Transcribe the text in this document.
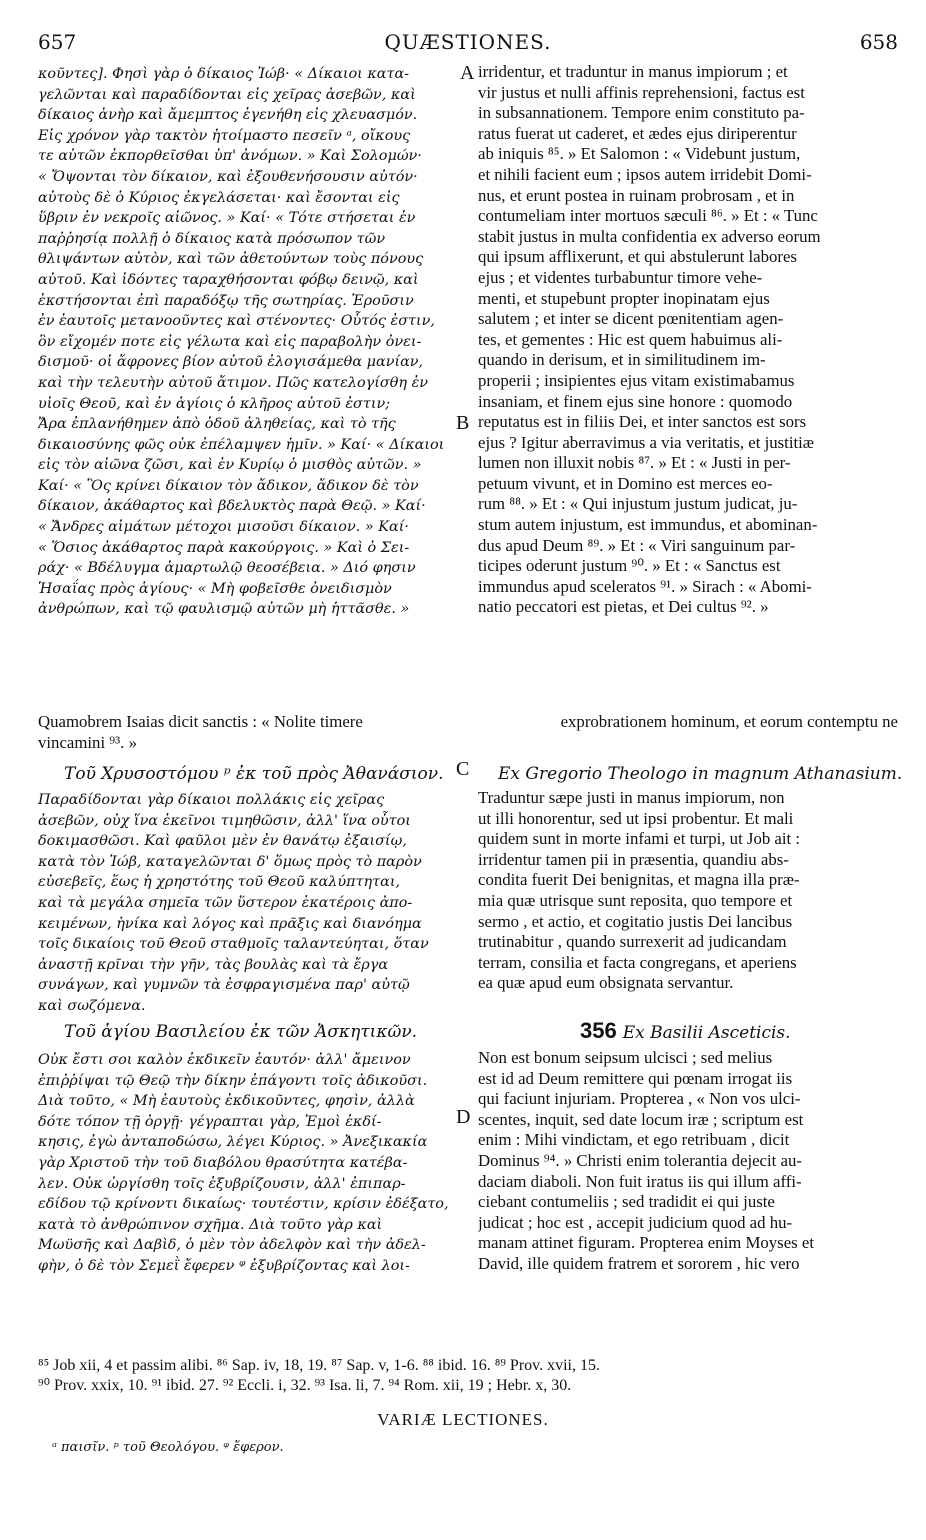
657	QUÆSTIONES.	658
κοῦντες]. Φησὶ γὰρ ὁ δίκαιος Ἰώβ· « Δίκαιοι κατα-
γελῶνται καὶ παραδίδονται εἰς χεῖρας ἀσεβῶν, καὶ
δίκαιος ἀνὴρ καὶ ἄμεμπτος ἐγενήθη εἰς χλευασμόν.
Εἰς χρόνον γὰρ τακτὸν ἡτοίμαστο πεσεῖν ᵃ, οἴκους
τε αὐτῶν ἐκπορθεῖσθαι ὑπ' ἀνόμων. » Καὶ Σολομών·
« Ὄψονται τὸν δίκαιον, καὶ ἐξουθενήσουσιν αὐτόν·
αὐτοὺς δὲ ὁ Κύριος ἐκγελάσεται· καὶ ἔσονται εἰς
ὕβριν ἐν νεκροῖς αἰῶνος. » Καί· « Τότε στήσεται ἐν
παῤῥησίᾳ πολλῇ ὁ δίκαιος κατὰ πρόσωπον τῶν
θλιψάντων αὐτὸν, καὶ τῶν ἀθετούντων τοὺς πόνους
αὐτοῦ. Καὶ ἰδόντες ταραχθήσονται φόβῳ δεινῷ, καὶ
ἐκστήσονται ἐπὶ παραδόξῳ τῆς σωτηρίας. Ἐροῦσιν
ἐν ἑαυτοῖς μετανοοῦντες καὶ στένοντες· Οὗτός ἐστιν,
ὃν εἴχομέν ποτε εἰς γέλωτα καὶ εἰς παραβολὴν ὀνει-
δισμοῦ· οἱ ἄφρονες βίον αὐτοῦ ἐλογισάμεθα μανίαν,
καὶ τὴν τελευτὴν αὐτοῦ ἄτιμον. Πῶς κατελογίσθη ἐν
υἱοῖς Θεοῦ, καὶ ἐν ἁγίοις ὁ κλῆρος αὐτοῦ ἐστιν;
Ἄρα ἐπλανήθημεν ἀπὸ ὁδοῦ ἀληθείας, καὶ τὸ τῆς
δικαιοσύνης φῶς οὐκ ἐπέλαμψεν ἡμῖν. » Καί· « Δίκαιοι
εἰς τὸν αἰῶνα ζῶσι, καὶ ἐν Κυρίῳ ὁ μισθὸς αὐτῶν. »
Καί· « Ὃς κρίνει δίκαιον τὸν ἄδικον, ἄδικον δὲ τὸν
δίκαιον, ἀκάθαρτος καὶ βδελυκτὸς παρὰ Θεῷ. » Καί·
« Ἄνδρες αἱμάτων μέτοχοι μισοῦσι δίκαιον. » Καί·
« Ὅσιος ἀκάθαρτος παρὰ κακούργοις. » Καὶ ὁ Σει-
ράχ· « Βδέλυγμα ἁμαρτωλῷ θεοσέβεια. » Διό φησιν
Ἡσαΐας πρὸς ἁγίους· « Μὴ φοβεῖσθε ὀνειδισμὸν
ἀνθρώπων, καὶ τῷ φαυλισμῷ αὐτῶν μὴ ἡττᾶσθε. »
irridentur, et traduntur in manus impiorum ; et
vir justus et nulli affinis reprehensioni, factus est
in subsannationem. Tempore enim constituto pa-
ratus fuerat ut caderet, et ædes ejus diriperentur
ab iniquis ⁸⁵. » Et Salomon : « Videbunt justum,
et nihili facient eum ; ipsos autem irridebit Domi-
nus, et erunt postea in ruinam probrosam , et in
contumeliam inter mortuos sæculi ⁸⁶. » Et : « Tunc
stabit justus in multa confidentia ex adverso eorum
qui ipsum afflixerunt, et qui abstulerunt labores
ejus ; et videntes turbabuntur timore vehe-
menti, et stupebunt propter inopinatam ejus
salutem ; et inter se dicent pœnitentiam agen-
tes, et gementes : Hic est quem habuimus ali-
quando in derisum, et in similitudinem im-
properii ; insipientes ejus vitam existimabamus
insaniam, et finem ejus sine honore : quomodo
reputatus est in filiis Dei, et inter sanctos est sors
ejus ? Igitur aberravimus a via veritatis, et justitiæ
lumen non illuxit nobis ⁸⁷. » Et : « Justi in per-
petuum vivunt, et in Domino est merces eo-
rum ⁸⁸. » Et : « Qui injustum justum judicat, ju-
stum autem injustum, est immundus, et abominan-
dus apud Deum ⁸⁹. » Et : « Viri sanguinum par-
ticipes oderunt justum ⁹⁰. » Et : « Sanctus est
immundus apud sceleratos ⁹¹. » Sirach : « Abomi-
natio peccatori est pietas, et Dei cultus ⁹². »
A
B
Quamobrem Isaias dicit sanctis : « Nolite timere	exprobrationem hominum, et eorum contemptu ne
vincamini ⁹³. »
Τοῦ Χρυσοστόμου ᵖ ἐκ τοῦ πρὸς Ἀθανάσιον. C Ex Gregorio Theologo in magnum Athanasium.
Παραδίδονται γὰρ δίκαιοι πολλάκις εἰς χεῖρας
ἀσεβῶν, οὐχ ἵνα ἐκεῖνοι τιμηθῶσιν, ἀλλ' ἵνα οὗτοι
δοκιμασθῶσι. Καὶ φαῦλοι μὲν ἐν θανάτῳ ἐξαισίῳ,
κατὰ τὸν Ἰώβ, καταγελῶνται δ' ὅμως πρὸς τὸ παρὸν
εὐσεβεῖς, ἕως ἡ χρηστότης τοῦ Θεοῦ καλύπτηται,
καὶ τὰ μεγάλα σημεῖα τῶν ὕστερον ἑκατέροις ἀπο-
κειμένων, ἡνίκα καὶ λόγος καὶ πρᾶξις καὶ διανόημα
τοῖς δικαίοις τοῦ Θεοῦ σταθμοῖς ταλαντεύηται, ὅταν
ἀναστῇ κρῖναι τὴν γῆν, τὰς βουλὰς καὶ τὰ ἔργα
συνάγων, καὶ γυμνῶν τὰ ἐσφραγισμένα παρ' αὐτῷ
καὶ σωζόμενα.
Traduntur sæpe justi in manus impiorum, non
ut illi honorentur, sed ut ipsi probentur. Et mali
quidem sunt in morte infami et turpi, ut Job ait :
irridentur tamen pii in præsentia, quandiu abs-
condita fuerit Dei benignitas, et magna illa præ-
mia quæ utrisque sunt reposita, quo tempore et
sermo , et actio, et cogitatio justis Dei lancibus
trutinabitur , quando surrexerit ad judicandam
terram, consilia et facta congregans, et aperiens
ea quæ apud eum obsignata servantur.
Τοῦ ἁγίου Βασιλείου ἐκ τῶν Ἀσκητικῶν.	356 Ex Basilii Asceticis.
D
Οὐκ ἔστι σοι καλὸν ἐκδικεῖν ἑαυτόν· ἀλλ' ἄμεινον
ἐπιῤῥίψαι τῷ Θεῷ τὴν δίκην ἐπάγοντι τοῖς ἀδικοῦσι.
Διὰ τοῦτο, « Μὴ ἑαυτοὺς ἐκδικοῦντες, φησὶν, ἀλλὰ
δότε τόπον τῇ ὀργῇ· γέγραπται γὰρ, Ἐμοὶ ἐκδί-
κησις, ἐγὼ ἀνταποδώσω, λέγει Κύριος. » Ἀνεξικακία
γὰρ Χριστοῦ τὴν τοῦ διαβόλου θρασύτητα κατέβα-
λεν. Οὐκ ὠργίσθη τοῖς ἐξυβρίζουσιν, ἀλλ' ἐπιπαρ-
εδίδου τῷ κρίνοντι δικαίως· τουτέστιν, κρίσιν ἐδέξατο,
κατὰ τὸ ἀνθρώπινον σχῆμα. Διὰ τοῦτο γὰρ καὶ
Μωϋσῆς καὶ Δαβὶδ, ὁ μὲν τὸν ἀδελφὸν καὶ τὴν ἀδελ-
φὴν, ὁ δὲ τὸν Σεμεῒ ἔφερεν ᵠ ἐξυβρίζοντας καὶ λοι-
Non est bonum seipsum ulcisci ; sed melius
est id ad Deum remittere qui pœnam irrogat iis
qui faciunt injuriam. Propterea , « Non vos ulci-
scentes, inquit, sed date locum iræ ; scriptum est
enim : Mihi vindictam, et ego retribuam , dicit
Dominus ⁹⁴. » Christi enim tolerantia dejecit au-
daciam diaboli. Non fuit iratus iis qui illum affi-
ciebant contumeliis ; sed tradidit ei qui juste
judicat ; hoc est , accepit judicium quod ad hu-
manam attinet figuram. Propterea enim Moyses et
David, ille quidem fratrem et sororem , hic vero
⁸⁵ Job xii, 4 et passim alibi. ⁸⁶ Sap. iv, 18, 19. ⁸⁷ Sap. v, 1-6. ⁸⁸ ibid. 16. ⁸⁹ Prov. xvii, 15.
⁹⁰ Prov. xxix, 10. ⁹¹ ibid. 27. ⁹² Eccli. i, 32. ⁹³ Isa. li, 7. ⁹⁴ Rom. xii, 19 ; Hebr. x, 30.
VARIÆ LECTIONES.
ᵃ παισῖν. ᵖ τοῦ Θεολόγου. ᵠ ἔφερον.
